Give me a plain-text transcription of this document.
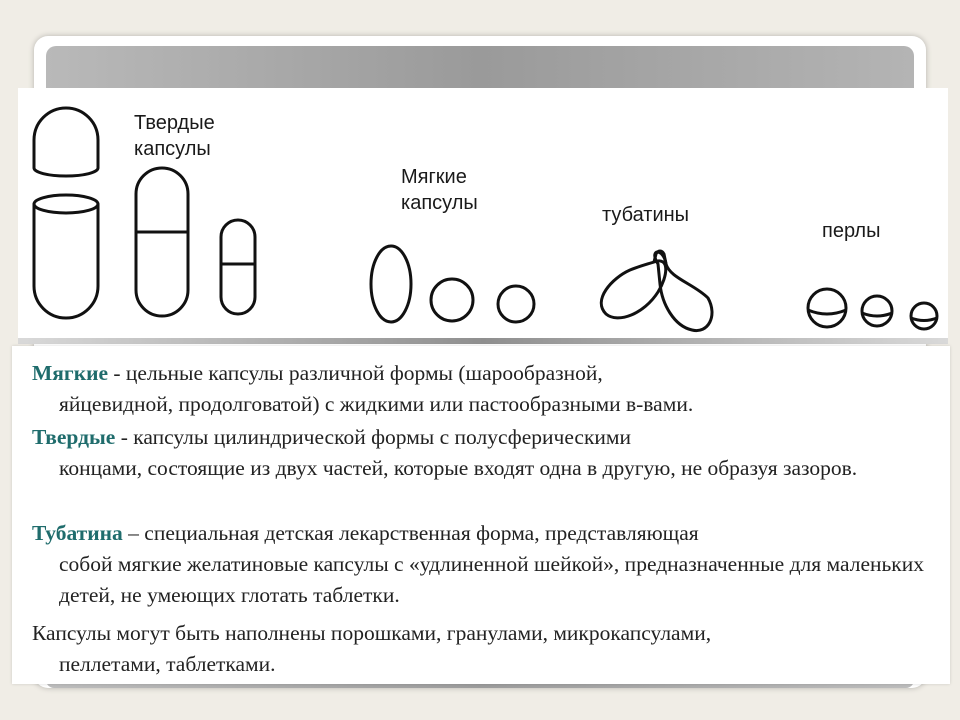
Твердые
капсулы
Мягкие
капсулы
тубатины
перлы

Мягкие - цельные капсулы различной формы (шарообразной,
яйцевидной, продолговатой) с жидкими или пастообразными в-вами.

Твердые - капсулы цилиндрической формы с полусферическими
концами, состоящие из двух частей, которые входят одна в другую, не образуя зазоров.

Тубатина – специальная детская лекарственная форма, представляющая
собой мягкие желатиновые капсулы с «удлиненной шейкой», предназначенные для маленьких детей, не умеющих глотать таблетки.

Капсулы могут быть наполнены порошками, гранулами, микрокапсулами,
пеллетами, таблетками.
